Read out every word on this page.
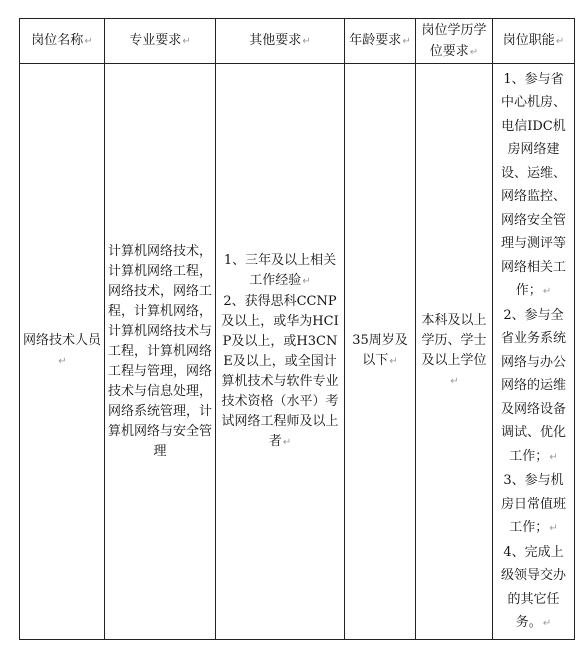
岗位名称↵	专业要求↵	其他要求↵	年龄要求↵	岗位学历学位要求↵	岗位职能↵
网络技术人员↵	计算机网络技术，计算机网络工程，网络技术，网络工程，计算机网络，计算机网络技术与工程，计算机网络工程与管理，网络技术与信息处理，网络系统管理，计算机网络与安全管理	1、三年及以上相关工作经验↵
2、获得思科CCNP及以上，或华为HCIP及以上，或H3CNE及以上，或全国计算机技术与软件专业技术资格（水平）考试网络工程师及以上者↵	35周岁及以下↵	本科及以上学历、学士及以上学位↵	1、参与省中心机房、电信IDC机房网络建设、运维、网络监控、网络安全管理与测评等网络相关工作；↵
2、参与全省业务系统网络与办公网络的运维及网络设备调试、优化工作；↵
3、参与机房日常值班工作；↵
4、完成上级领导交办的其它任务。↵
